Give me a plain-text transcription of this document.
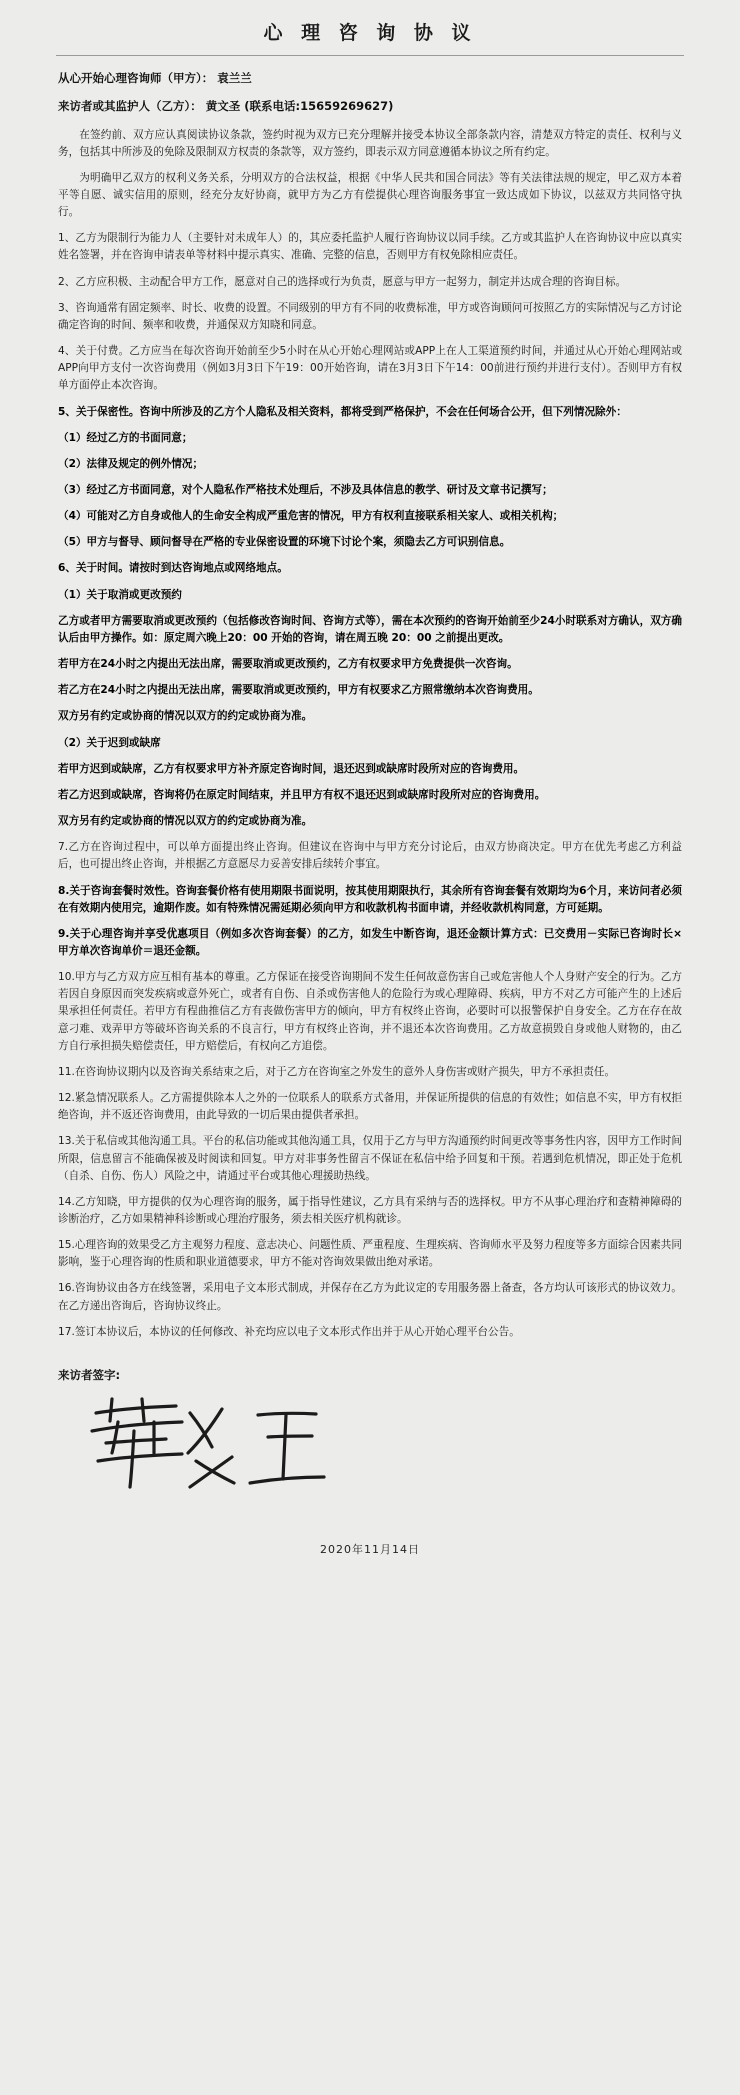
心 理 咨 询 协 议
从心开始心理咨询师（甲方）： 袁兰兰
来访者或其监护人（乙方）： 黄文圣 (联系电话:15659269627)

在签约前、双方应认真阅读协议条款，签约时视为双方已充分理解并接受本协议全部条款内容，清楚双方特定的责任、权利与义务，包括其中所涉及的免除及限制双方权责的条款等，双方签约，即表示双方同意遵循本协议之所有约定。

为明确甲乙双方的权利义务关系，分明双方的合法权益，根据《中华人民共和国合同法》等有关法律法规的规定，甲乙双方本着平等自愿、诚实信用的原则，经充分友好协商，就甲方为乙方有偿提供心理咨询服务事宜一致达成如下协议，以兹双方共同恪守执行。

1、乙方为限制行为能力人（主要针对未成年人）的，其应委托监护人履行咨询协议以同手续。乙方或其监护人在咨询协议中应以真实姓名签署，并在咨询申请表单等材料中提示真实、准确、完整的信息，否则甲方有权免除相应责任。

2、乙方应积极、主动配合甲方工作，愿意对自己的选择或行为负责，愿意与甲方一起努力，制定并达成合理的咨询目标。

3、咨询通常有固定频率、时长、收费的设置。不同级别的甲方有不同的收费标准，甲方或咨询顾问可按照乙方的实际情况与乙方讨论确定咨询的时间、频率和收费，并通保双方知晓和同意。

4、关于付费。乙方应当在每次咨询开始前至少5小时在从心开始心理网站或APP上在人工渠道预约时间，并通过从心开始心理网站或APP向甲方支付一次咨询费用（例如3月3日下午19：00开始咨询，请在3月3日下午14：00前进行预约并进行支付）。否则甲方有权单方面停止本次咨询。

5、关于保密性。咨询中所涉及的乙方个人隐私及相关资料，都将受到严格保护，不会在任何场合公开，但下列情况除外：

（1）经过乙方的书面同意；

（2）法律及规定的例外情况；

（3）经过乙方书面同意，对个人隐私作严格技术处理后，不涉及具体信息的教学、研讨及文章书记撰写；

（4）可能对乙方自身或他人的生命安全构成严重危害的情况，甲方有权利直接联系相关家人、或相关机构；

（5）甲方与督导、顾问督导在严格的专业保密设置的环境下讨论个案，须隐去乙方可识别信息。

6、关于时间。请按时到达咨询地点或网络地点。

（1）关于取消或更改预约

乙方或者甲方需要取消或更改预约（包括修改咨询时间、咨询方式等），需在本次预约的咨询开始前至少24小时联系对方确认，双方确认后由甲方操作。如：原定周六晚上20：00 开始的咨询，请在周五晚 20：00 之前提出更改。

若甲方在24小时之内提出无法出席，需要取消或更改预约，乙方有权要求甲方免费提供一次咨询。

若乙方在24小时之内提出无法出席，需要取消或更改预约，甲方有权要求乙方照常缴纳本次咨询费用。

双方另有约定或协商的情况以双方的约定或协商为准。

（2）关于迟到或缺席

若甲方迟到或缺席，乙方有权要求甲方补齐原定咨询时间，退还迟到或缺席时段所对应的咨询费用。

若乙方迟到或缺席，咨询将仍在原定时间结束，并且甲方有权不退还迟到或缺席时段所对应的咨询费用。

双方另有约定或协商的情况以双方的约定或协商为准。

7.乙方在咨询过程中，可以单方面提出终止咨询。但建议在咨询中与甲方充分讨论后，由双方协商决定。甲方在优先考虑乙方利益后，也可提出终止咨询，并根据乙方意愿尽力妥善安排后续转介事宜。

8.关于咨询套餐时效性。咨询套餐价格有使用期限书面说明，按其使用期限执行，其余所有咨询套餐有效期均为6个月，来访问者必须在有效期内使用完，逾期作废。如有特殊情况需延期必须向甲方和收款机构书面申请，并经收款机构同意，方可延期。

9.关于心理咨询并享受优惠项目（例如多次咨询套餐）的乙方，如发生中断咨询，退还金额计算方式：已交费用－实际已咨询时长×甲方单次咨询单价＝退还金额。

10.甲方与乙方双方应互相有基本的尊重。乙方保证在接受咨询期间不发生任何故意伤害自己或危害他人个人身财产安全的行为。乙方若因自身原因而突发疾病或意外死亡，或者有自伤、自杀或伤害他人的危险行为或心理障碍、疾病，甲方不对乙方可能产生的上述后果承担任何责任。若甲方有程曲推信乙方有丧做伤害甲方的倾向，甲方有权终止咨询，必要时可以报警保护自身安全。乙方在存在故意刁难、戏弄甲方等破坏咨询关系的不良言行，甲方有权终止咨询，并不退还本次咨询费用。乙方故意损毁自身或他人财物的，由乙方自行承担损失赔偿责任，甲方赔偿后，有权向乙方追偿。

11.在咨询协议期内以及咨询关系结束之后，对于乙方在咨询室之外发生的意外人身伤害或财产损失，甲方不承担责任。

12.紧急情况联系人。乙方需提供除本人之外的一位联系人的联系方式备用，并保证所提供的信息的有效性；如信息不实，甲方有权拒绝咨询，并不返还咨询费用，由此导致的一切后果由提供者承担。

13.关于私信或其他沟通工具。平台的私信功能或其他沟通工具，仅用于乙方与甲方沟通预约时间更改等事务性内容，因甲方工作时间所限，信息留言不能确保被及时阅读和回复。甲方对非事务性留言不保证在私信中给予回复和干预。若遇到危机情况，即正处于危机（自杀、自伤、伤人）风险之中，请通过平台或其他心理援助热线。

14.乙方知晓，甲方提供的仅为心理咨询的服务，属于指导性建议，乙方具有采纳与否的选择权。甲方不从事心理治疗和查精神障碍的诊断治疗，乙方如果精神科诊断或心理治疗服务，须去相关医疗机构就诊。

15.心理咨询的效果受乙方主观努力程度、意志决心、问题性质、严重程度、生理疾病、咨询师水平及努力程度等多方面综合因素共同影响，鉴于心理咨询的性质和职业道德要求，甲方不能对咨询效果做出绝对承诺。

16.咨询协议由各方在线签署，采用电子文本形式制成，并保存在乙方为此议定的专用服务器上备查，各方均认可该形式的协议效力。在乙方递出咨询后，咨询协议终止。

17.签订本协议后，本协议的任何修改、补充均应以电子文本形式作出并于从心开始心理平台公告。

来访者签字:
2020年11月14日
